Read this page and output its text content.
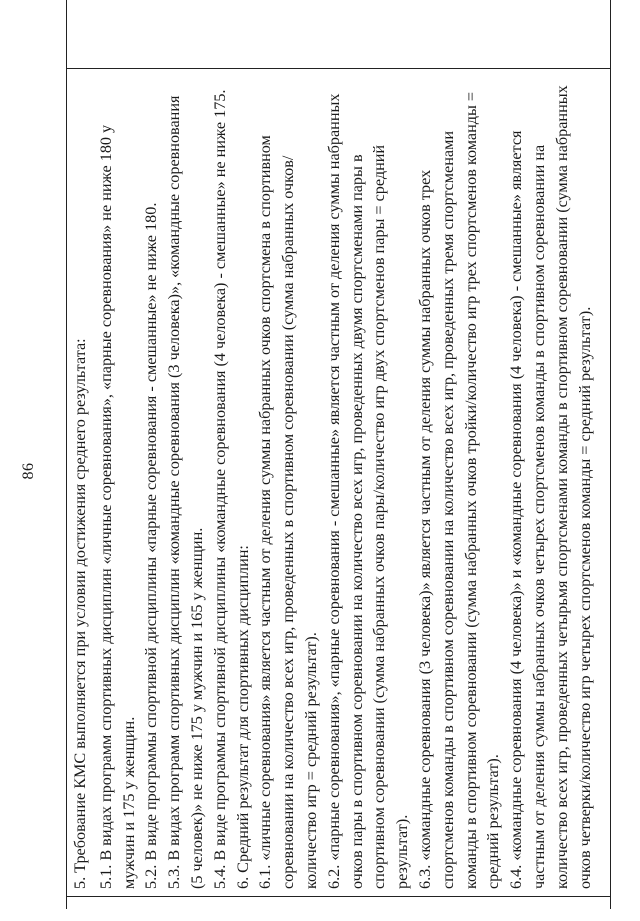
86 5. Требование КМС выполняется при условии достижения среднего результата: 5.1. В видах программ спортивных дисциплин «личные соревнования», «парные соревнования» не ниже 180 у мужчин и 175 у женщин. 5.2. В виде программы спортивной дисциплины «парные соревнования - смешанные» не ниже 180. 5.3. В видах программ спортивных дисциплин «командные соревнования (3 человека)», «командные соревнования (5 человек)» не ниже 175 у мужчин и 165 у женщин. 5.4. В виде программы спортивной дисциплины «командные соревнования (4 человека) - смешанные» не ниже 175. 6. Средний результат для спортивных дисциплин: 6.1. «личные соревнования» является частным от деления суммы набранных очков спортсмена в спортивном соревновании на количество всех игр, проведенных в спортивном соревновании (сумма набранных очков/количество игр = средний результат). 6.2. «парные соревнования», «парные соревнования - смешанные» является частным от деления суммы набранных очков пары в спортивном соревновании на количество всех игр, проведенных двумя спортсменами пары в спортивном соревновании (сумма набранных очков пары/количество игр двух спортсменов пары = средний результат). 6.3. «командные соревнования (3 человека)» является частным от деления суммы набранных очков трех спортсменов команды в спортивном соревновании на количество всех игр, проведенных тремя спортсменами команды в спортивном соревновании (сумма набранных очков тройки/количество игр трех спортсменов команды = средний результат). 6.4. «командные соревнования (4 человека)» и «командные соревнования (4 человека) - смешанные» является частным от деления суммы набранных очков четырех спортсменов команды в спортивном соревновании на количество всех игр, проведенных четырьмя спортсменами команды в спортивном соревновании (сумма набранных очков четверки/количество игр четырех спортсменов команды = средний результат).
